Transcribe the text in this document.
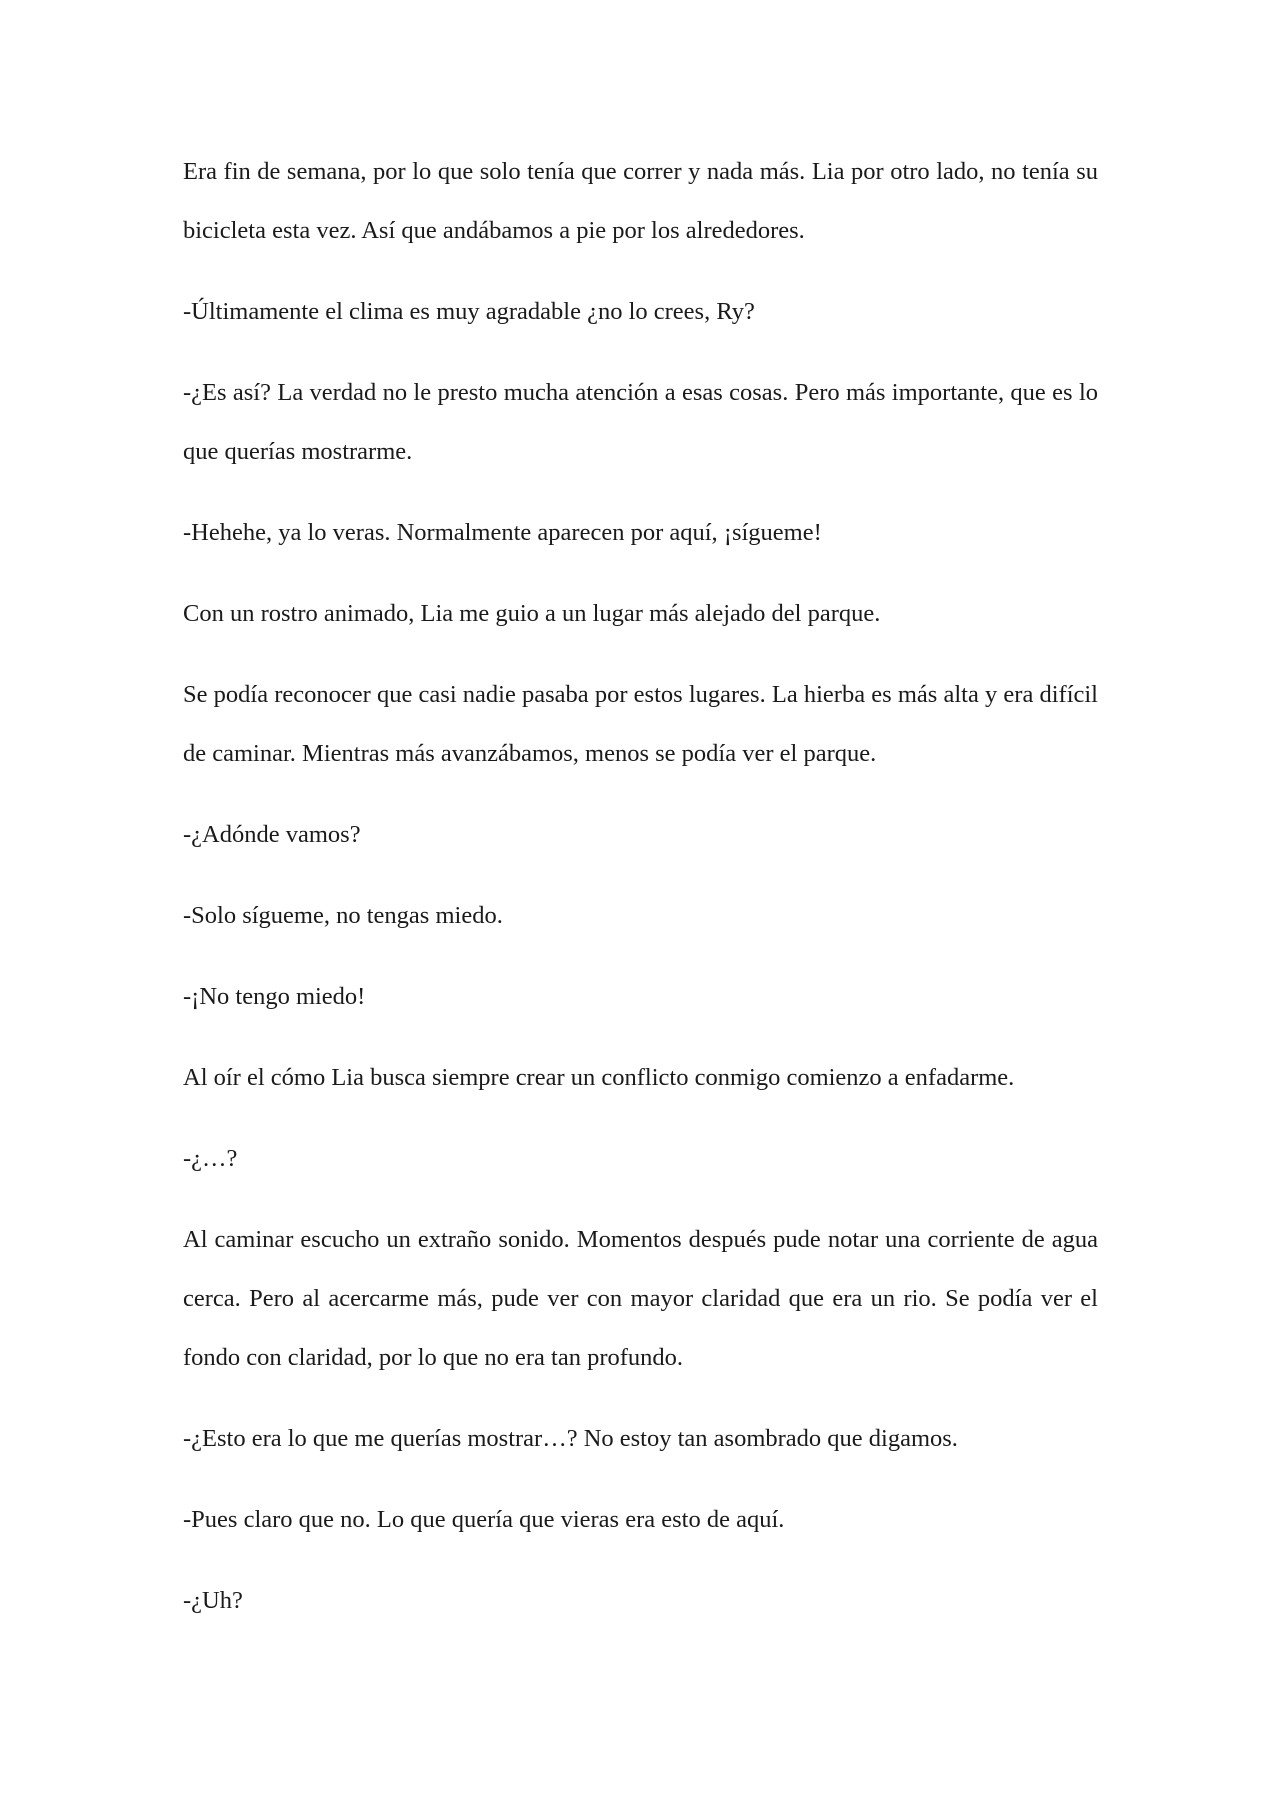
Era fin de semana, por lo que solo tenía que correr y nada más. Lia por otro lado, no tenía su bicicleta esta vez. Así que andábamos a pie por los alrededores.

-Últimamente el clima es muy agradable ¿no lo crees, Ry?

-¿Es así? La verdad no le presto mucha atención a esas cosas. Pero más importante, que es lo que querías mostrarme.

-Hehehe, ya lo veras. Normalmente aparecen por aquí, ¡sígueme!

Con un rostro animado, Lia me guio a un lugar más alejado del parque.

Se podía reconocer que casi nadie pasaba por estos lugares. La hierba es más alta y era difícil de caminar. Mientras más avanzábamos, menos se podía ver el parque.

-¿Adónde vamos?

-Solo sígueme, no tengas miedo.

-¡No tengo miedo!

Al oír el cómo Lia busca siempre crear un conflicto conmigo comienzo a enfadarme.

-¿…?

Al caminar escucho un extraño sonido. Momentos después pude notar una corriente de agua cerca. Pero al acercarme más, pude ver con mayor claridad que era un rio. Se podía ver el fondo con claridad, por lo que no era tan profundo.

-¿Esto era lo que me querías mostrar…? No estoy tan asombrado que digamos.

-Pues claro que no. Lo que quería que vieras era esto de aquí.

-¿Uh?
